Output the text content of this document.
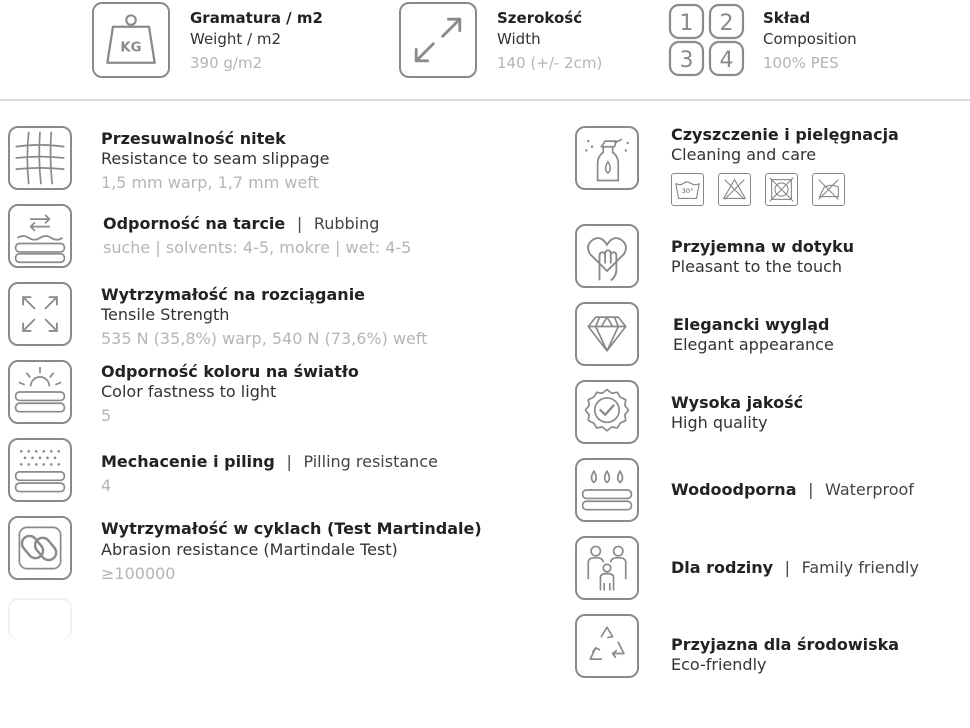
KG
Gramatura / m2
Weight / m2
390 g/m2
Szerokość
Width
140 (+/- 2cm)
1 2
3 4
Skład
Composition
100% PES
Przesuwalność nitek
Resistance to seam slippage
1,5 mm warp, 1,7 mm weft
Odporność na tarcie | Rubbing
suche | solvents: 4-5, mokre | wet: 4-5
Wytrzymałość na rozciąganie
Tensile Strength
535 N (35,8%) warp, 540 N (73,6%) weft
Odporność koloru na światło
Color fastness to light
5
Mechacenie i piling | Pilling resistance
4
Wytrzymałość w cyklach (Test Martindale)
Abrasion resistance (Martindale Test)
≥100000
Czyszczenie i pielęgnacja
Cleaning and care
30°
Przyjemna w dotyku
Pleasant to the touch
Elegancki wygląd
Elegant appearance
Wysoka jakość
High quality
Wodoodporna | Waterproof
Dla rodziny | Family friendly
Przyjazna dla środowiska
Eco-friendly
